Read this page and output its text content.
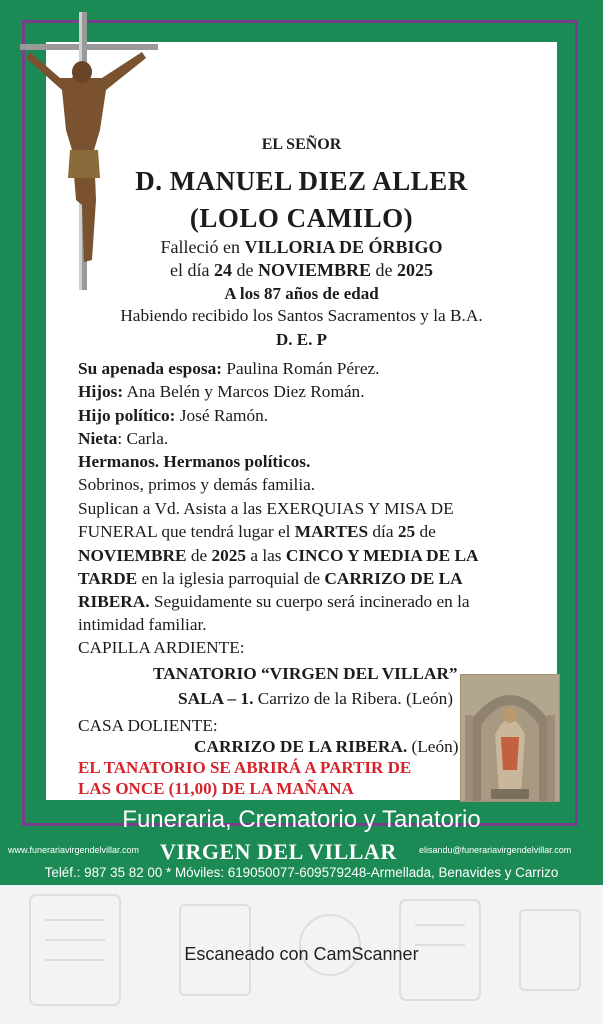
EL SEÑOR
D. MANUEL DIEZ ALLER
(LOLO CAMILO)
Falleció en VILLORIA DE ÓRBIGO
el día 24 de NOVIEMBRE de 2025
A los 87 años de edad
Habiendo recibido los Santos Sacramentos y la B.A.
D. E. P
Su apenada esposa: Paulina Román Pérez.
Hijos: Ana Belén y Marcos Diez Román.
Hijo político: José Ramón.
Nieta: Carla.
Hermanos. Hermanos políticos.
Sobrinos, primos y demás familia.
Suplican a Vd. Asista a las EXERQUIAS Y MISA DE
FUNERAL que tendrá lugar el MARTES día 25 de
NOVIEMBRE de 2025 a las CINCO Y MEDIA DE LA
TARDE en la iglesia parroquial de CARRIZO DE LA
RIBERA. Seguidamente su cuerpo será incinerado en la
intimidad familiar.
CAPILLA ARDIENTE:
TANATORIO “VIRGEN DEL VILLAR”
SALA – 1. Carrizo de la Ribera. (León)
CASA DOLIENTE:
CARRIZO DE LA RIBERA. (León)
EL TANATORIO SE ABRIRÁ A PARTIR DE
LAS ONCE (11,00) DE LA MAÑANA
Funeraria, Crematorio y Tanatorio
www.funerariavirgendelvillar.com VIRGEN DEL VILLAR elisandu@funerariavirgendelvillar.com
Teléf.: 987 35 82 00 * Móviles: 619050077-609579248-Armellada, Benavides y Carrizo
Escaneado con CamScanner
